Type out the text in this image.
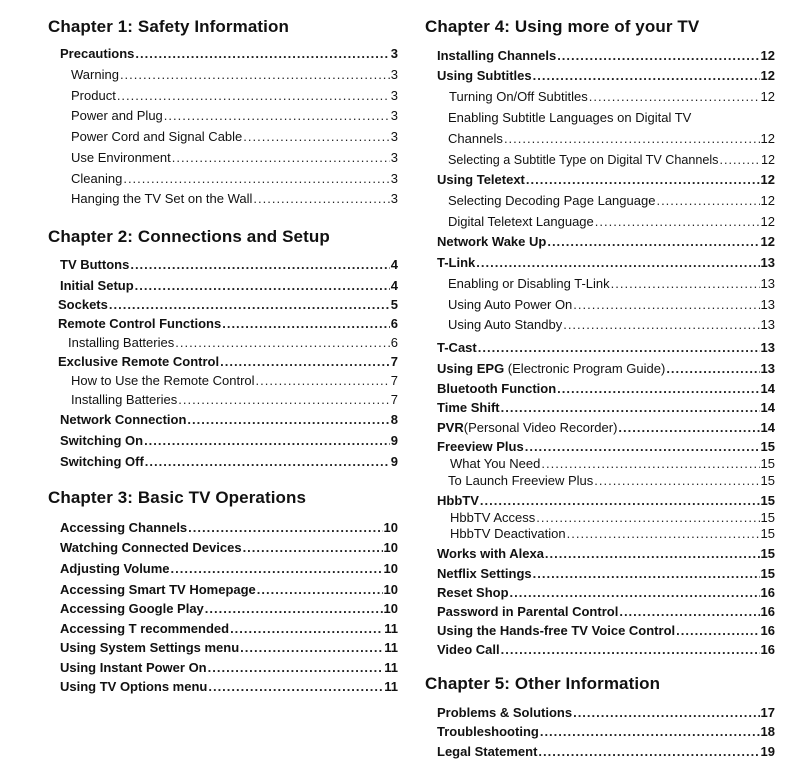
Chapter 1: Safety Information
Precautions .....	3
Warning .....	3
Product .....	3
Power and Plug .....	3
Power Cord and Signal Cable .....	3
Use Environment .....	3
Cleaning .....	3
Hanging the TV Set on the Wall .....	3
Chapter 2: Connections and Setup
TV Buttons .....	4
Initial Setup .....	4
Sockets .....	5
Remote Control Functions .....	6
Installing Batteries .....	6
Exclusive Remote Control .....	7
How to Use the Remote Control .....	7
Installing Batteries .....	7
Network Connection .....	8
Switching On .....	9
Switching Off .....	9
Chapter 3: Basic TV Operations
Accessing Channels .....	10
Watching Connected Devices .....	10
Adjusting Volume .....	10
Accessing Smart TV Homepage .....	10
Accessing Google Play .....	10
Accessing T recommended .....	11
Using System Settings menu .....	11
Using Instant Power On .....	11
Using TV Options menu .....	11
Chapter 4: Using more of your TV
Installing Channels .....	12
Using Subtitles .....	12
Turning On/Off Subtitles .....	12
Enabling Subtitle Languages on Digital TV
Channels .....	12
Selecting a Subtitle Type on Digital TV Channels .....	12
Using Teletext .....	12
Selecting Decoding Page Language .....	12
Digital Teletext Language .....	12
Network Wake Up .....	12
T-Link .....	13
Enabling or Disabling T-Link .....	13
Using Auto Power On .....	13
Using Auto Standby .....	13
T-Cast .....	13
Using EPG (Electronic Program Guide) .....	13
Bluetooth Function .....	14
Time Shift .....	14
PVR(Personal Video Recorder) .....	14
Freeview Plus .....	15
What You Need .....	15
To Launch Freeview Plus .....	15
HbbTV .....	15
HbbTV Access .....	15
HbbTV Deactivation .....	15
Works with Alexa .....	15
Netflix Settings .....	15
Reset Shop .....	16
Password in Parental Control .....	16
Using the Hands-free TV Voice Control .....	16
Video Call .....	16
Chapter 5: Other Information
Problems & Solutions .....	17
Troubleshooting .....	18
Legal Statement .....	19
